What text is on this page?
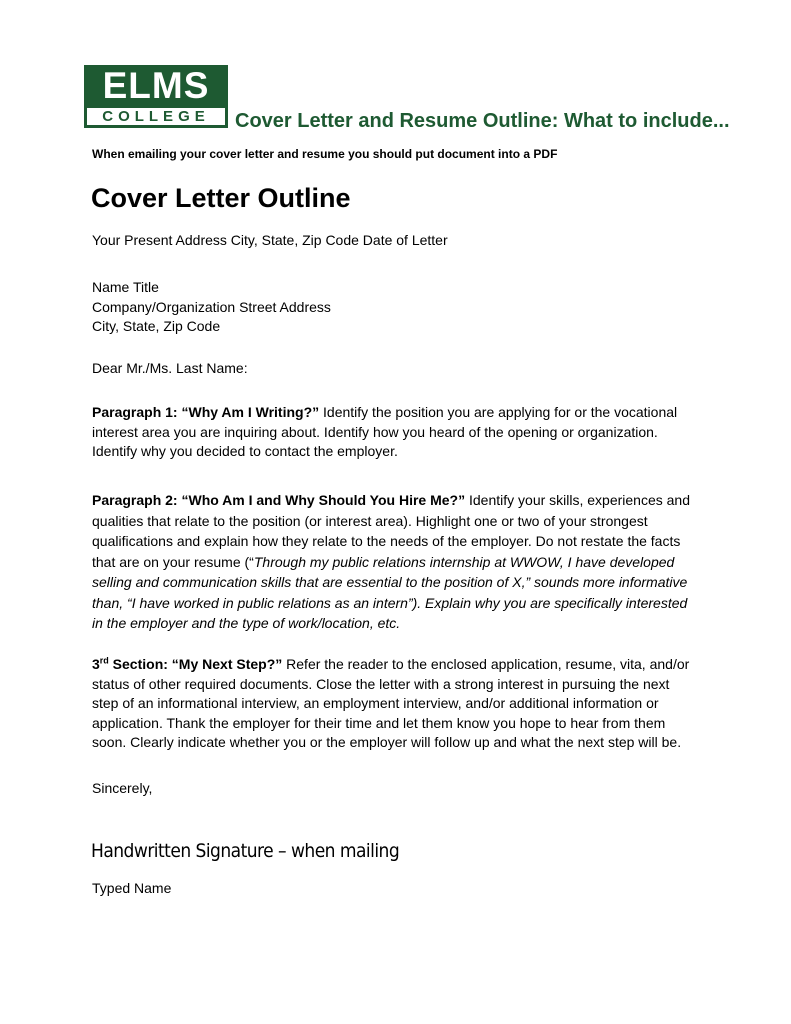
ELMS
COLLEGE	Cover Letter and Resume Outline: What to include...
When emailing your cover letter and resume you should put document into a PDF
Cover Letter Outline
Your Present Address City, State, Zip Code Date of Letter
Name Title
Company/Organization Street Address
City, State, Zip Code
Dear Mr./Ms. Last Name:
Paragraph 1: “Why Am I Writing?” Identify the position you are applying for or the vocational
interest area you are inquiring about. Identify how you heard of the opening or organization.
Identify why you decided to contact the employer.
Paragraph 2: “Who Am I and Why Should You Hire Me?” Identify your skills, experiences and
qualities that relate to the position (or interest area). Highlight one or two of your strongest
qualifications and explain how they relate to the needs of the employer. Do not restate the facts
that are on your resume (“Through my public relations internship at WWOW, I have developed
selling and communication skills that are essential to the position of X,” sounds more informative
than, “I have worked in public relations as an intern”). Explain why you are specifically interested
in the employer and the type of work/location, etc.
3rd Section: “My Next Step?” Refer the reader to the enclosed application, resume, vita, and/or
status of other required documents. Close the letter with a strong interest in pursuing the next
step of an informational interview, an employment interview, and/or additional information or
application. Thank the employer for their time and let them know you hope to hear from them
soon. Clearly indicate whether you or the employer will follow up and what the next step will be.
Sincerely,
Handwritten Signature – when mailing
Typed Name
